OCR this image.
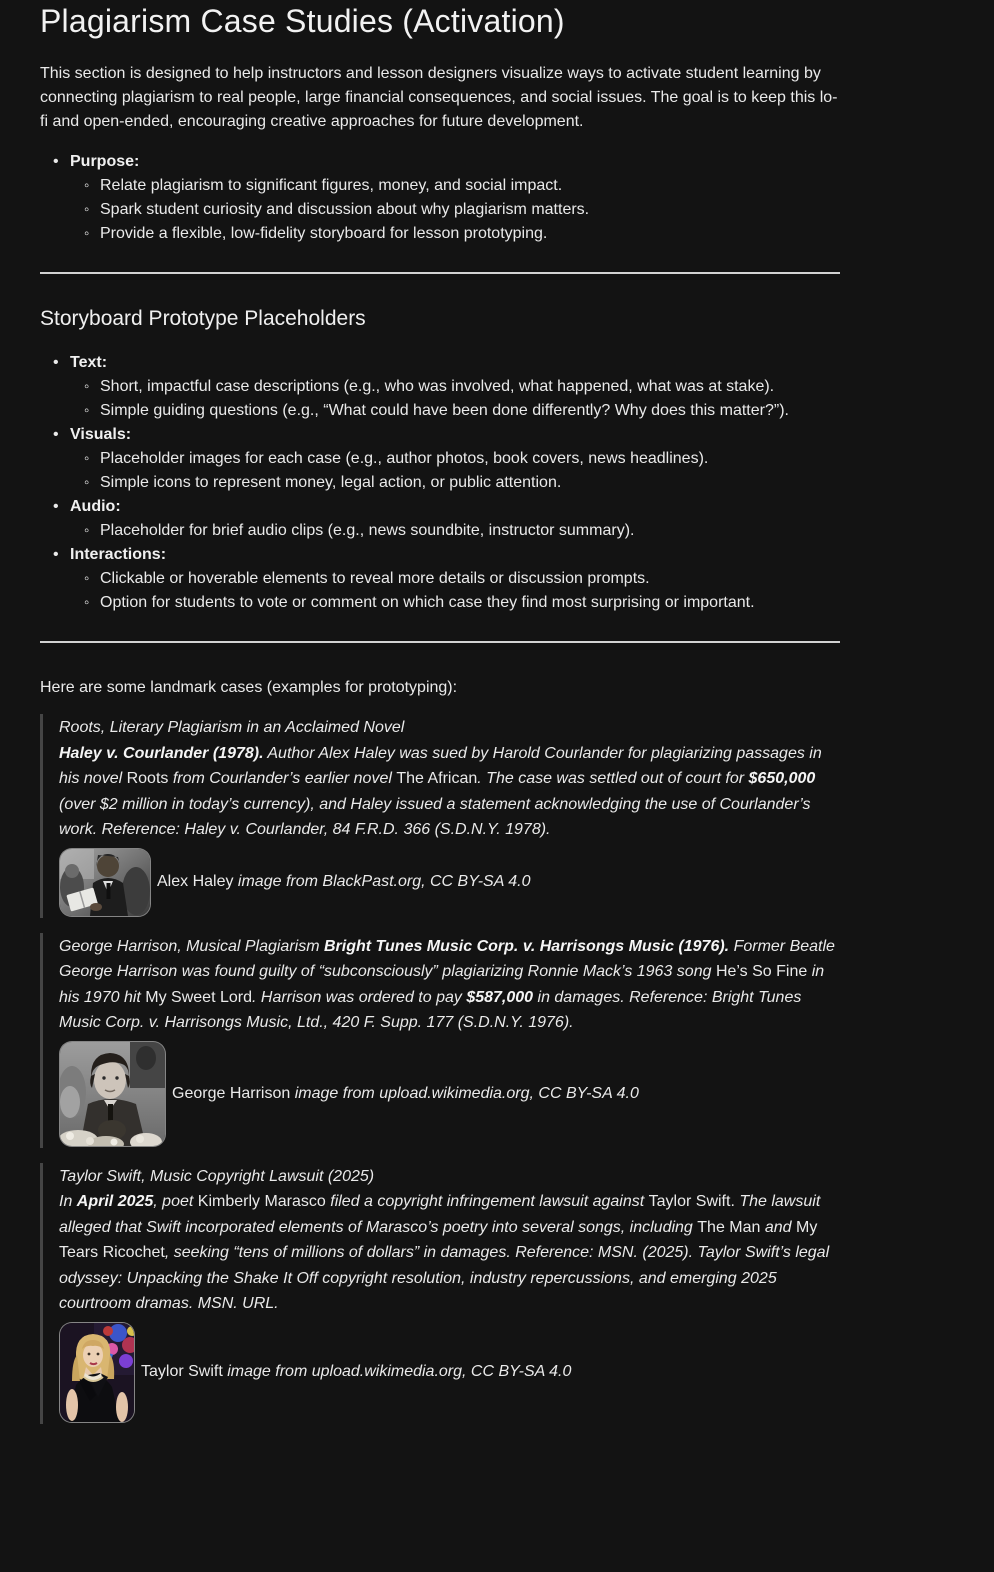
Plagiarism Case Studies (Activation)

This section is designed to help instructors and lesson designers visualize ways to activate student learning by connecting plagiarism to real people, large financial consequences, and social issues. The goal is to keep this lo-fi and open-ended, encouraging creative approaches for future development.

• Purpose:
◦ Relate plagiarism to significant figures, money, and social impact.
◦ Spark student curiosity and discussion about why plagiarism matters.
◦ Provide a flexible, low-fidelity storyboard for lesson prototyping.
Storyboard Prototype Placeholders
• Text:
◦ Short, impactful case descriptions (e.g., who was involved, what happened, what was at stake).
◦ Simple guiding questions (e.g., “What could have been done differently? Why does this matter?”).
• Visuals:
◦ Placeholder images for each case (e.g., author photos, book covers, news headlines).
◦ Simple icons to represent money, legal action, or public attention.
• Audio:
◦ Placeholder for brief audio clips (e.g., news soundbite, instructor summary).
• Interactions:
◦ Clickable or hoverable elements to reveal more details or discussion prompts.
◦ Option for students to vote or comment on which case they find most surprising or important.

Here are some landmark cases (examples for prototyping):

Roots, Literary Plagiarism in an Acclaimed Novel
Haley v. Courlander (1978). Author Alex Haley was sued by Harold Courlander for plagiarizing passages in his novel Roots from Courlander’s earlier novel The African. The case was settled out of court for $650,000 (over $2 million in today’s currency), and Haley issued a statement acknowledging the use of Courlander’s work. Reference: Haley v. Courlander, 84 F.R.D. 366 (S.D.N.Y. 1978).

Alex Haley image from BlackPast.org, CC BY-SA 4.0

George Harrison, Musical Plagiarism Bright Tunes Music Corp. v. Harrisongs Music (1976). Former Beatle George Harrison was found guilty of “subconsciously” plagiarizing Ronnie Mack’s 1963 song He’s So Fine in his 1970 hit My Sweet Lord. Harrison was ordered to pay $587,000 in damages. Reference: Bright Tunes Music Corp. v. Harrisongs Music, Ltd., 420 F. Supp. 177 (S.D.N.Y. 1976).

George Harrison image from upload.wikimedia.org, CC BY-SA 4.0

Taylor Swift, Music Copyright Lawsuit (2025)
In April 2025, poet Kimberly Marasco filed a copyright infringement lawsuit against Taylor Swift. The lawsuit alleged that Swift incorporated elements of Marasco’s poetry into several songs, including The Man and My Tears Ricochet, seeking “tens of millions of dollars” in damages. Reference: MSN. (2025). Taylor Swift’s legal odyssey: Unpacking the Shake It Off copyright resolution, industry repercussions, and emerging 2025 courtroom dramas. MSN. URL.

Taylor Swift image from upload.wikimedia.org, CC BY-SA 4.0
